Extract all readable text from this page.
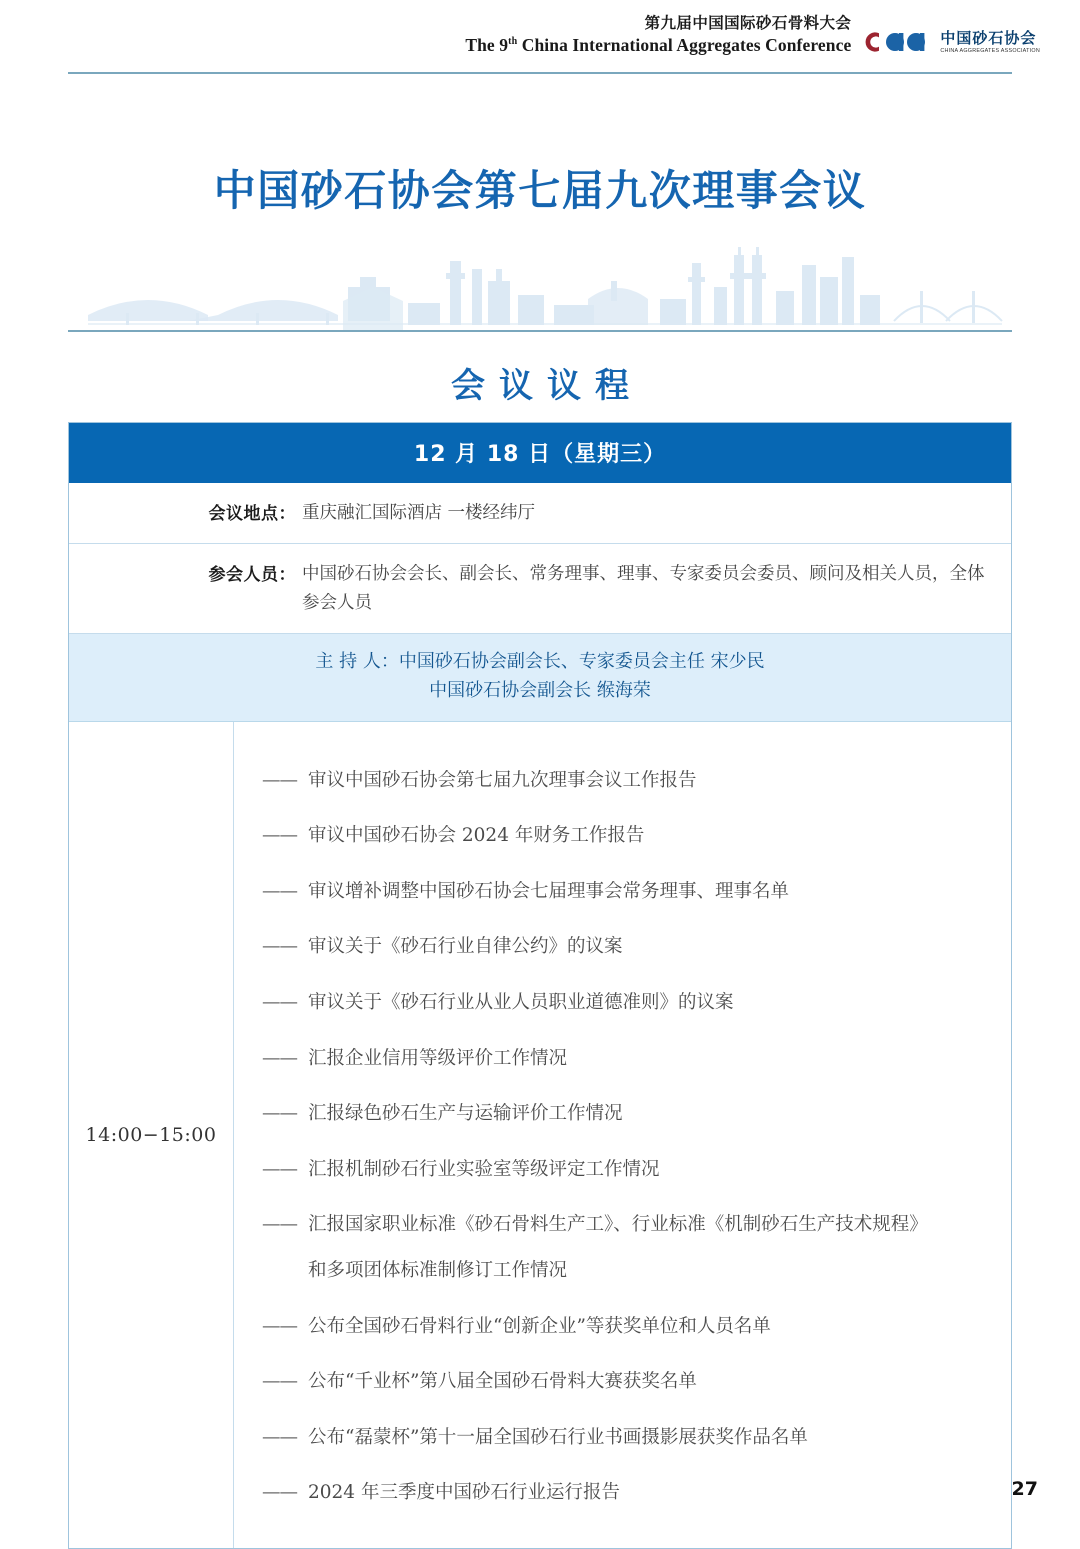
第九届中国国际砂石骨料大会
The 9th China International Aggregates Conference	中国砂石协会
CHINA AGGREGATES ASSOCIATION
中国砂石协会第七届九次理事会议
会议议程
12 月 18 日（星期三）
会议地点： 重庆融汇国际酒店 一楼经纬厅
参会人员： 中国砂石协会会长、副会长、常务理事、理事、专家委员会委员、顾问及相关人员，全体参会人员
主 持 人：中国砂石协会副会长、专家委员会主任 宋少民
中国砂石协会副会长 缑海荣
14:00−15:00
—— 审议中国砂石协会第七届九次理事会议工作报告
—— 审议中国砂石协会 2024 年财务工作报告
—— 审议增补调整中国砂石协会七届理事会常务理事、理事名单
—— 审议关于《砂石行业自律公约》的议案
—— 审议关于《砂石行业从业人员职业道德准则》的议案
—— 汇报企业信用等级评价工作情况
—— 汇报绿色砂石生产与运输评价工作情况
—— 汇报机制砂石行业实验室等级评定工作情况
—— 汇报国家职业标准《砂石骨料生产工》、行业标准《机制砂石生产技术规程》
和多项团体标准制修订工作情况
—— 公布全国砂石骨料行业“创新企业”等获奖单位和人员名单
—— 公布“千业杯”第八届全国砂石骨料大赛获奖名单
—— 公布“磊蒙杯”第十一届全国砂石行业书画摄影展获奖作品名单
—— 2024 年三季度中国砂石行业运行报告	27
